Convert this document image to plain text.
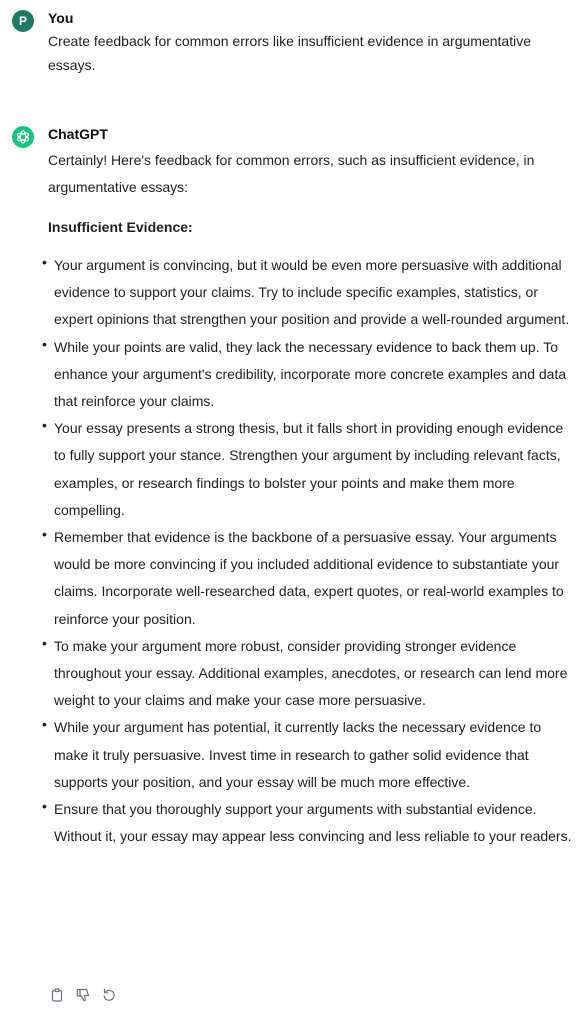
P	You
Create feedback for common errors like insufficient evidence in argumentative essays.
ChatGPT
Certainly! Here's feedback for common errors, such as insufficient evidence, in argumentative essays:
Insufficient Evidence:
• Your argument is convincing, but it would be even more persuasive with additional evidence to support your claims. Try to include specific examples, statistics, or expert opinions that strengthen your position and provide a well-rounded argument.
• While your points are valid, they lack the necessary evidence to back them up. To enhance your argument's credibility, incorporate more concrete examples and data that reinforce your claims.
• Your essay presents a strong thesis, but it falls short in providing enough evidence to fully support your stance. Strengthen your argument by including relevant facts, examples, or research findings to bolster your points and make them more compelling.
• Remember that evidence is the backbone of a persuasive essay. Your arguments would be more convincing if you included additional evidence to substantiate your claims. Incorporate well-researched data, expert quotes, or real-world examples to reinforce your position.
• To make your argument more robust, consider providing stronger evidence throughout your essay. Additional examples, anecdotes, or research can lend more weight to your claims and make your case more persuasive.
• While your argument has potential, it currently lacks the necessary evidence to make it truly persuasive. Invest time in research to gather solid evidence that supports your position, and your essay will be much more effective.
• Ensure that you thoroughly support your arguments with substantial evidence. Without it, your essay may appear less convincing and less reliable to your readers.
